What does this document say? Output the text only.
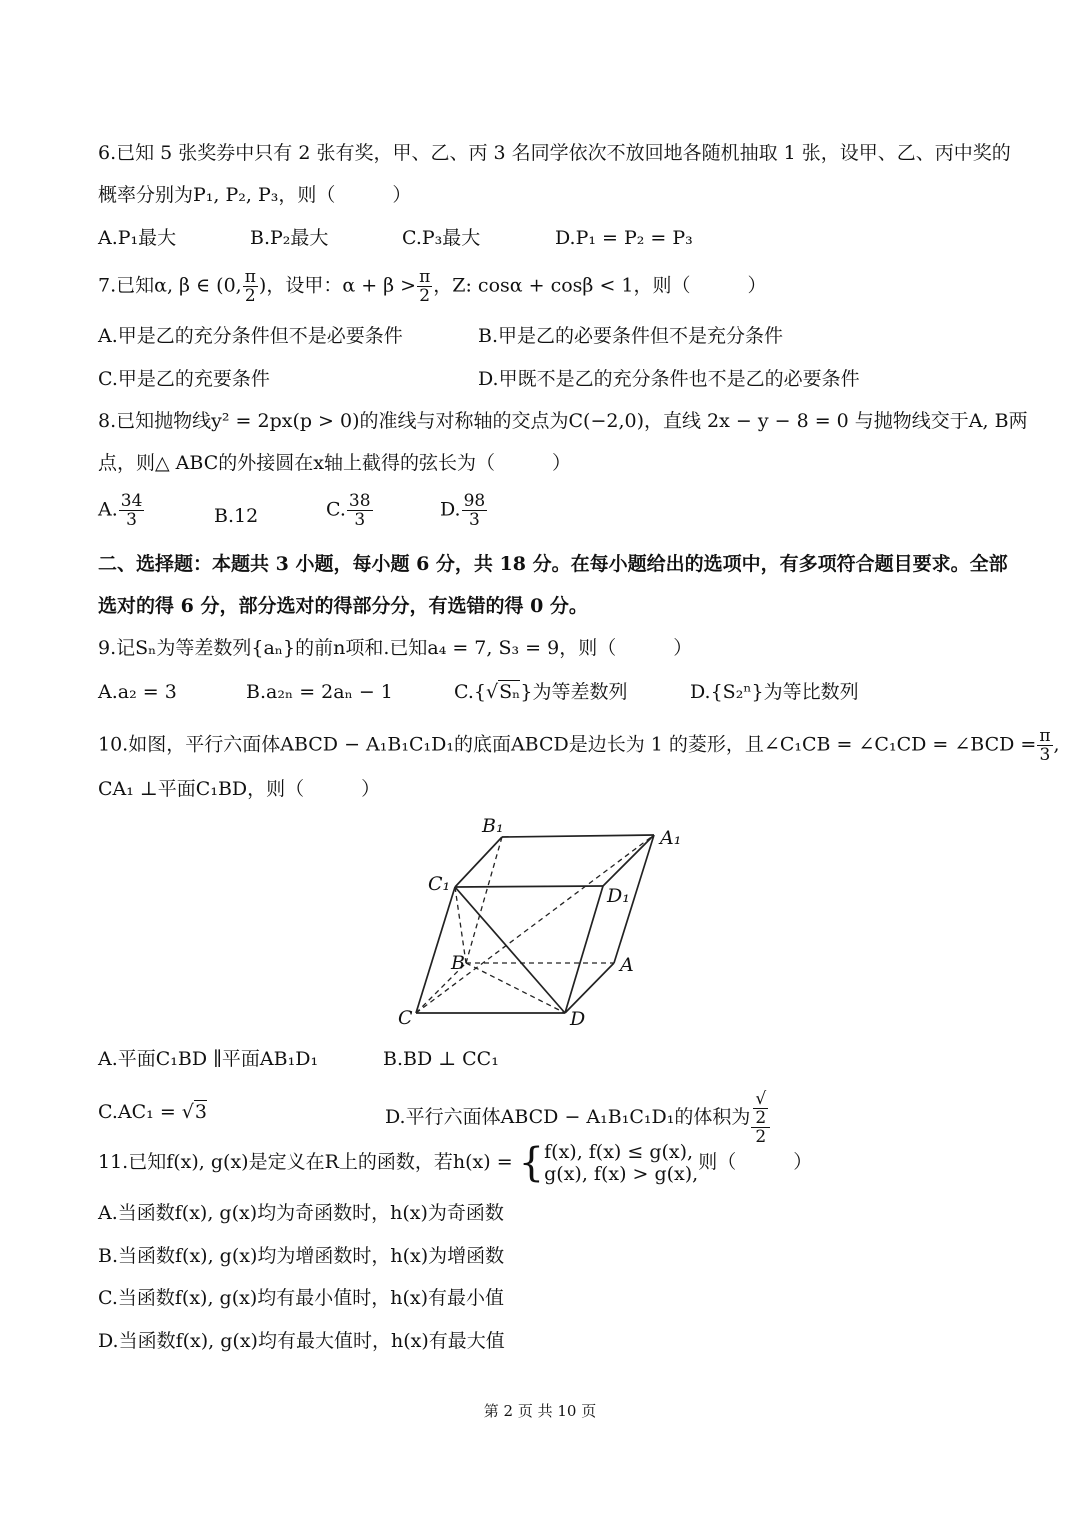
6.已知 5 张奖券中只有 2 张有奖，甲、乙、丙 3 名同学依次不放回地各随机抽取 1 张，设甲、乙、丙中奖的
概率分别为P₁, P₂, P₃，则（　　　）
A.P₁最大	B.P₂最大	C.P₃最大	D.P₁ = P₂ = P₃
7.已知α, β ∈ (0, $\frac{\pi}{2}$ )，设甲：$\alpha + \beta > \frac{\pi}{2}$ ，Z: cosα + cosβ < 1，则（　　　）
A.甲是乙的充分条件但不是必要条件	B.甲是乙的必要条件但不是充分条件
C.甲是乙的充要条件	D.甲既不是乙的充分条件也不是乙的必要条件
8.已知抛物线y² = 2px(p > 0)的准线与对称轴的交点为C(−2,0)，直线 2x − y − 8 = 0 与抛物线交于A, B两
点，则△ ABC的外接圆在x轴上截得的弦长为（　　　）
A. $\frac{34}{3}$	B.12	C. $\frac{38}{3}$	D. $\frac{98}{3}$
二、选择题：本题共 3 小题，每小题 6 分，共 18 分。在每小题给出的选项中，有多项符合题目要求。全部
选对的得 6 分，部分选对的得部分分，有选错的得 0 分。
9.记Sₙ为等差数列{aₙ}的前n项和.已知a₄ = 7, S₃ = 9，则（　　　）
A.a₂ = 3	B.a₂ₙ = 2aₙ − 1	C.{√Sₙ}为等差数列	D.{S₂ⁿ}为等比数列
10.如图，平行六面体ABCD − A₁B₁C₁D₁的底面ABCD是边长为 1 的菱形，且∠C₁CB = ∠C₁CD = ∠BCD = $\frac{\pi}{3}$ ,
CA₁ ⊥平面C₁BD，则（　　　）
B₁
A₁
C₁
D₁
B	A
C	D
A.平面C₁BD ∥平面AB₁D₁	B.BD ⊥ CC₁
C.AC₁ = √3	D.平行六面体ABCD − A₁B₁C₁D₁的体积为 √
2
2
11.已知f(x), g(x)是定义在R上的函数，若h(x) = { f(x), f(x) ≤ g(x),
g(x), f(x) > g(x),
则（　　　）
A.当函数f(x), g(x)均为奇函数时，h(x)为奇函数
B.当函数f(x), g(x)均为增函数时，h(x)为增函数
C.当函数f(x), g(x)均有最小值时，h(x)有最小值
D.当函数f(x), g(x)均有最大值时，h(x)有最大值
第 2 页 共 10 页
